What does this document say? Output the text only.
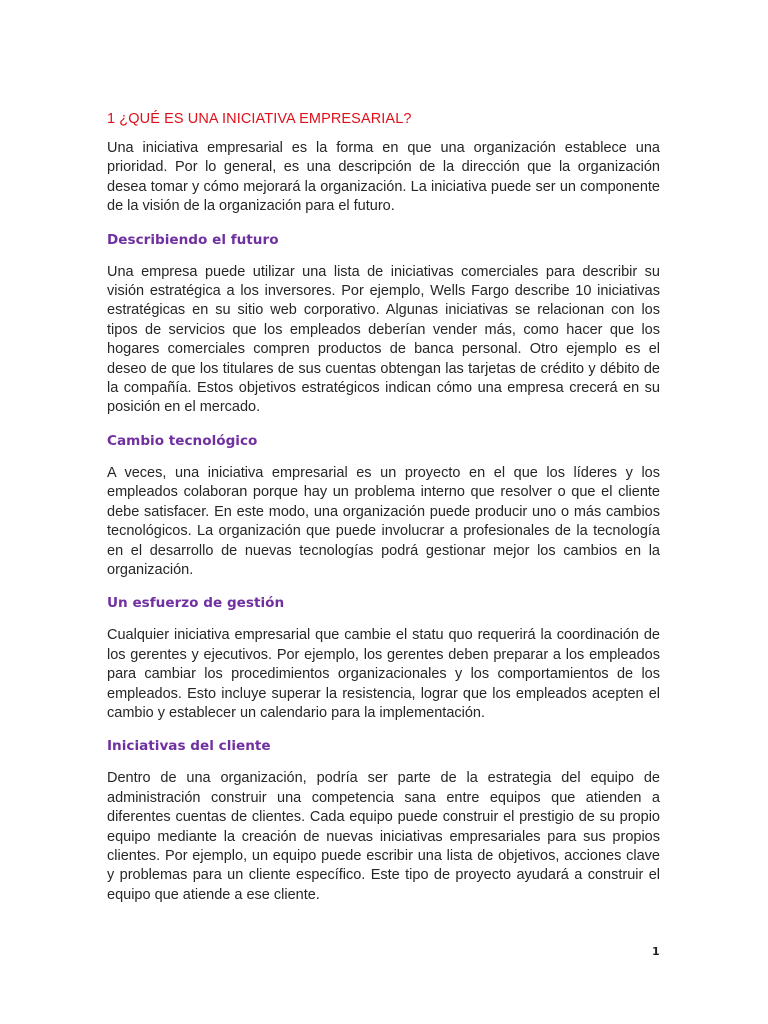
1 ¿QUÉ ES UNA INICIATIVA EMPRESARIAL?

Una iniciativa empresarial es la forma en que una organización establece una prioridad. Por lo general, es una descripción de la dirección que la organización desea tomar y cómo mejorará la organización. La iniciativa puede ser un componente de la visión de la organización para el futuro.

Describiendo el futuro

Una empresa puede utilizar una lista de iniciativas comerciales para describir su visión estratégica a los inversores. Por ejemplo, Wells Fargo describe 10 iniciativas estratégicas en su sitio web corporativo. Algunas iniciativas se relacionan con los tipos de servicios que los empleados deberían vender más, como hacer que los hogares comerciales compren productos de banca personal. Otro ejemplo es el deseo de que los titulares de sus cuentas obtengan las tarjetas de crédito y débito de la compañía. Estos objetivos estratégicos indican cómo una empresa crecerá en su posición en el mercado.

Cambio tecnológico

A veces, una iniciativa empresarial es un proyecto en el que los líderes y los empleados colaboran porque hay un problema interno que resolver o que el cliente debe satisfacer. En este modo, una organización puede producir uno o más cambios tecnológicos. La organización que puede involucrar a profesionales de la tecnología en el desarrollo de nuevas tecnologías podrá gestionar mejor los cambios en la organización.

Un esfuerzo de gestión

Cualquier iniciativa empresarial que cambie el statu quo requerirá la coordinación de los gerentes y ejecutivos. Por ejemplo, los gerentes deben preparar a los empleados para cambiar los procedimientos organizacionales y los comportamientos de los empleados. Esto incluye superar la resistencia, lograr que los empleados acepten el cambio y establecer un calendario para la implementación.

Iniciativas del cliente

Dentro de una organización, podría ser parte de la estrategia del equipo de administración construir una competencia sana entre equipos que atienden a diferentes cuentas de clientes. Cada equipo puede construir el prestigio de su propio equipo mediante la creación de nuevas iniciativas empresariales para sus propios clientes. Por ejemplo, un equipo puede escribir una lista de objetivos, acciones clave y problemas para un cliente específico. Este tipo de proyecto ayudará a construir el equipo que atiende a ese cliente.

1
